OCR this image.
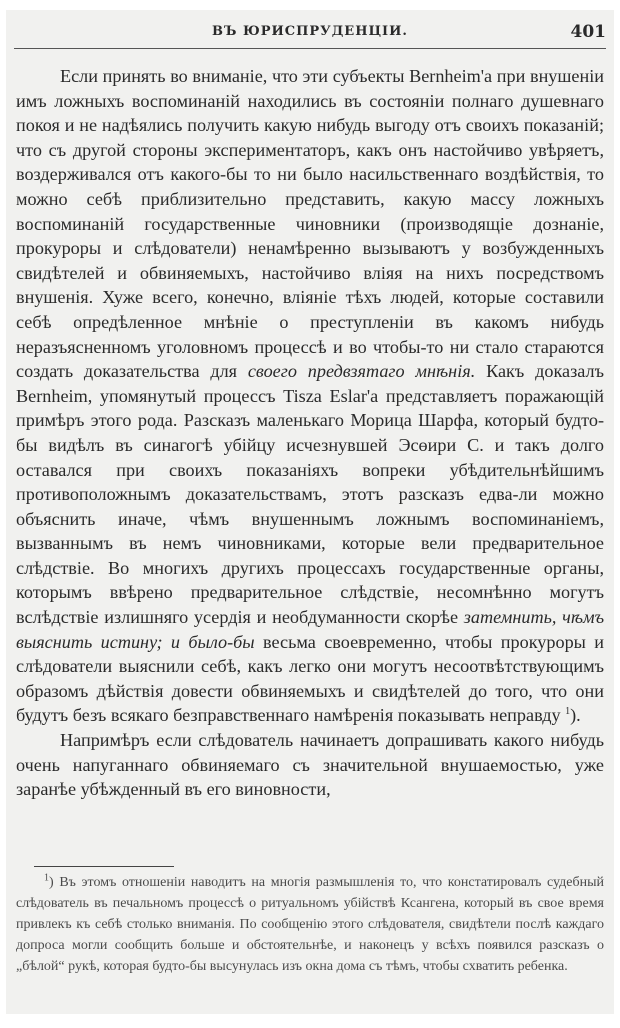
ВЪ ЮРИСПРУДЕНЦІИ.	401

Если принять во вниманіе, что эти субъекты Bernheim'а при внушеніи имъ ложныхъ воспоминаній находились въ состояніи полнаго душевнаго покоя и не надѣялись получить какую нибудь выгоду отъ своихъ показаній; что съ другой стороны экспериментаторъ, какъ онъ настойчиво увѣряетъ, воздерживался отъ какого-бы то ни было насильственнаго воздѣйствія, то можно себѣ приблизительно представить, какую массу ложныхъ воспоминаній государственные чиновники (производящіе дознаніе, прокуроры и слѣдователи) ненамѣренно вызываютъ у возбужденныхъ свидѣтелей и обвиняемыхъ, настойчиво вліяя на нихъ посредствомъ внушенія. Хуже всего, конечно, вліяніе тѣхъ людей, которые составили себѣ опредѣленное мнѣніе о преступленіи въ какомъ нибудь неразъясненномъ уголовномъ процессѣ и во чтобы-то ни стало стараются создать доказательства для своего предвзятаго мнѣнія. Какъ доказалъ Bernheim, упомянутый процессъ Tisza Eslar'а представляетъ поражающій примѣръ этого рода. Разсказъ маленькаго Морица Шарфа, который будто-бы видѣлъ въ синагогѣ убійцу исчезнувшей Эсөири С. и такъ долго оставался при своихъ показаніяхъ вопреки убѣдительнѣйшимъ противоположнымъ доказательствамъ, этотъ разсказъ едва-ли можно объяснить иначе, чѣмъ внушеннымъ ложнымъ воспоминаніемъ, вызваннымъ въ немъ чиновниками, которые вели предварительное слѣдствіе. Во многихъ другихъ процессахъ государственные органы, которымъ ввѣрено предварительное слѣдствіе, несомнѣнно могутъ вслѣдствіе излишняго усердія и необдуманности скорѣе затемнить, чѣмъ выяснить истину; и было-бы весьма своевременно, чтобы прокуроры и слѣдователи выяснили себѣ, какъ легко они могутъ несоотвѣтствующимъ образомъ дѣйствія довести обвиняемыхъ и свидѣтелей до того, что они будутъ безъ всякаго безправственнаго намѣренія показывать неправду $^1$).

Напримѣръ если слѣдователь начинаетъ допрашивать какого нибудь очень напуганнаго обвиняемаго съ значительной внушаемостью, уже заранѣе убѣжденный въ его виновности,

$^1$) Въ этомъ отношеніи наводитъ на многія размышленія то, что констатировалъ судебный слѣдователь въ печальномъ процессѣ о ритуальномъ убійствѣ Ксангена, который въ свое время привлекъ къ себѣ столько вниманія. По сообщенію этого слѣдователя, свидѣтели послѣ каждаго допроса могли сообщить больше и обстоятельнѣе, и наконецъ у всѣхъ появился разсказъ о „бѣлой“ рукѣ, которая будто-бы высунулась изъ окна дома съ тѣмъ, чтобы схватить ребенка.
